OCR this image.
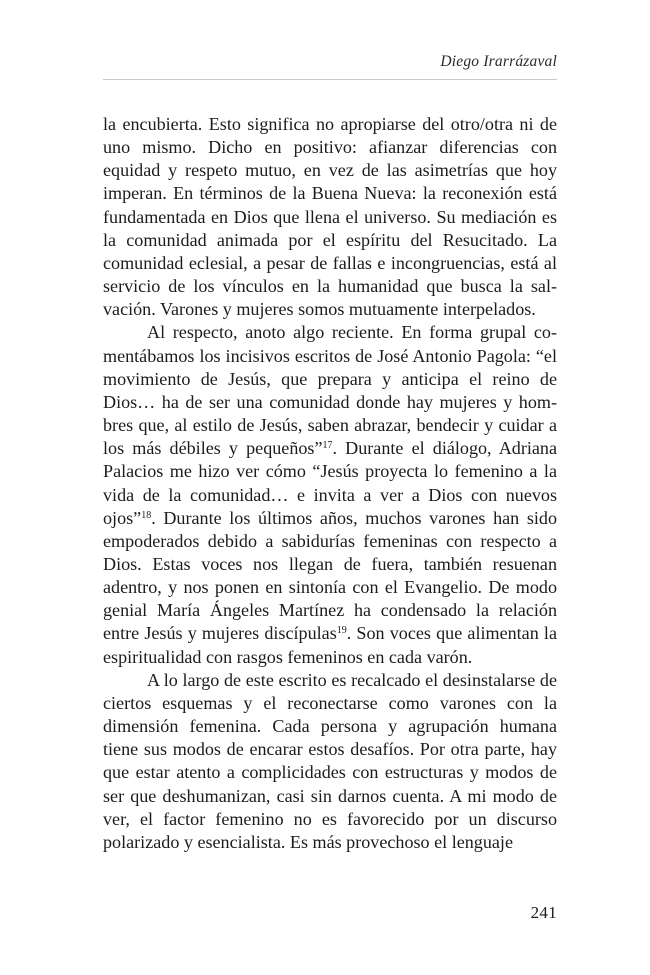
Diego Irarrázaval

la encubierta. Esto significa no apropiarse del otro/otra ni de uno mismo. Dicho en positivo: afianzar diferencias con equidad y respeto mutuo, en vez de las asimetrías que hoy imperan. En términos de la Buena Nueva: la reconexión está fundamentada en Dios que llena el universo. Su mediación es la comunidad animada por el espíritu del Resucitado. La comunidad eclesial, a pesar de fallas e incongruencias, está al servicio de los vínculos en la humanidad que busca la salvación. Varones y mujeres somos mutuamente interpelados.

Al respecto, anoto algo reciente. En forma grupal comentábamos los incisivos escritos de José Antonio Pagola: “el movimiento de Jesús, que prepara y anticipa el reino de Dios… ha de ser una comunidad donde hay mujeres y hombres que, al estilo de Jesús, saben abrazar, bendecir y cuidar a los más débiles y pequeños”$^{17}$. Durante el diálogo, Adriana Palacios me hizo ver cómo “Jesús proyecta lo femenino a la vida de la comunidad… e invita a ver a Dios con nuevos ojos”$^{18}$. Durante los últimos años, muchos varones han sido empoderados debido a sabidurías femeninas con respecto a Dios. Estas voces nos llegan de fuera, también resuenan adentro, y nos ponen en sintonía con el Evangelio. De modo genial María Ángeles Martínez ha condensado la relación entre Jesús y mujeres discípulas$^{19}$. Son voces que alimentan la espiritualidad con rasgos femeninos en cada varón.

A lo largo de este escrito es recalcado el desinstalarse de ciertos esquemas y el reconectarse como varones con la dimensión femenina. Cada persona y agrupación humana tiene sus modos de encarar estos desafíos. Por otra parte, hay que estar atento a complicidades con estructuras y modos de ser que deshumanizan, casi sin darnos cuenta. A mi modo de ver, el factor femenino no es favorecido por un discurso polarizado y esencialista. Es más provechoso el lenguaje

241
